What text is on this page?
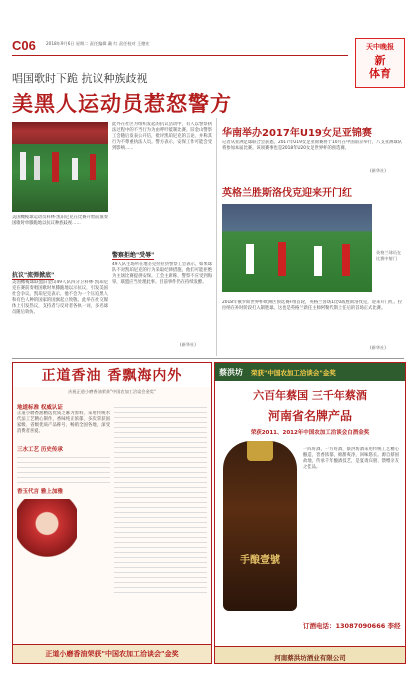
C06 2018年9月6日 星期二 责任编辑 戴 红 责任校对 王德宏	天中晚报
新
体育
唱国歌时下跪 抗议种族歧视
美黑人运动员惹怒警方
美国橄榄球运动员科林·凯珀尼克在比赛开始前演奏国歌时单膝跪地以抗议种族歧视……
抗议"流弹掀底"
美国橄榄球联盟旧金山49人队四分卫科林·凯珀尼克在赛前奏唱国歌时单膝跪地以示抗议，引发美国社会争议。凯珀尼克表示，他不会为一个压迫黑人和有色人种的国家的国旗起立致敬。此举在社交媒体上引发热议，支持者与反对者各执一词，多名球员随后效仿。
此外在社区为组织发起的抗议活动中，有人以警察执法过程中的不当行为为由呼吁抵制比赛。旧金山警察工会随后发表公开信，批评凯珀尼克的言论，并称其行为不尊重执法人员。警方表示，安保工作可能会受到影响……
警察拒绝"受辱"
49人队主场所在地圣克拉拉县警察工会表示，如果球队不对凯珀尼克的行为采取纪律措施，他们可能拒绝为主场比赛提供安保。工会主席称，警察不应受到侮辱，联盟应当处理此事。目前事件仍在持续发酵。
(新华社)
华南举办2017年U19女足亚锦赛
记者从亚洲足球联合会获悉，2017年U19女足亚锦赛将于10月在中国南京举行，八支亚洲球队将参加本届比赛。该项赛事也是2018年U20女足世界杯的预选赛。
(新华社)
英格兰胜斯洛伐克迎来开门红
英格兰球员在比赛中射门
2018年俄罗斯世界杯欧洲区预选赛F组首轮，英格兰客场1比0战胜斯洛伐克，迎来开门红。拉拉纳在补时阶段打入制胜球。这也是英格兰新任主帅阿勒代斯上任后的首场正式比赛。
(新华社)
正道香油 香飘海内外
庆祝正道小磨香油荣获"中国农加工洽谈会金奖"
地道标准 权威认证
正道小磨香油精选优质芝麻为原料，采用传统水代法工艺精心制作，香味纯正浓郁，多次荣获国家级、省级优质产品称号，畅销全国各地，深受消费者喜爱。
三水工艺 历史传承
香玉代言 雅上加雅
正道小磨香油荣获"中国农加工洽谈会"金奖
蔡洪坊 荣获"中国农加工洽谈会"金奖
六百年蔡国 三千年蔡酒
河南省名牌产品
荣获2011、2012年中国农加工洽谈会白酒金奖
手酿壹號
一阵好酒，一方好酒，蔡洪坊酒采用传统工艺精心酿造，窖香浓郁，绵甜爽净，回味悠长。源自蔡国故地，传承千年酿酒技艺，是宴请宾朋、馈赠亲友之佳品。
订酒电话：13087090666 李经
河南蔡洪坊酒业有限公司
